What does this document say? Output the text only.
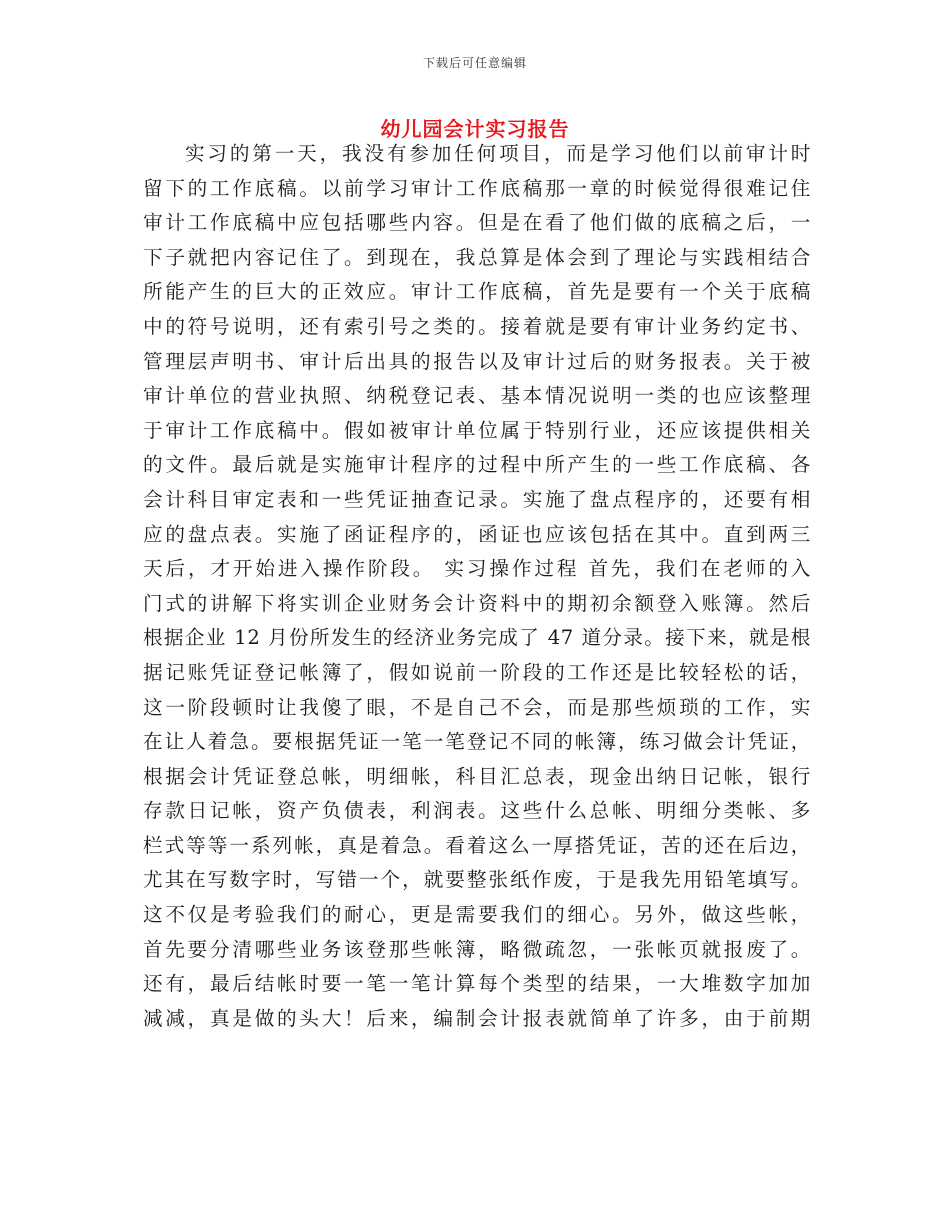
下载后可任意编辑
幼儿园会计实习报告
实习的第一天，我没有参加任何项目，而是学习他们以前审计时
留下的工作底稿。以前学习审计工作底稿那一章的时候觉得很难记住
审计工作底稿中应包括哪些内容。但是在看了他们做的底稿之后，一
下子就把内容记住了。到现在，我总算是体会到了理论与实践相结合
所能产生的巨大的正效应。审计工作底稿，首先是要有一个关于底稿
中的符号说明，还有索引号之类的。接着就是要有审计业务约定书、
管理层声明书、审计后出具的报告以及审计过后的财务报表。关于被
审计单位的营业执照、纳税登记表、基本情况说明一类的也应该整理
于审计工作底稿中。假如被审计单位属于特别行业，还应该提供相关
的文件。最后就是实施审计程序的过程中所产生的一些工作底稿、各
会计科目审定表和一些凭证抽查记录。实施了盘点程序的，还要有相
应的盘点表。实施了函证程序的，函证也应该包括在其中。直到两三
天后，才开始进入操作阶段。 实习操作过程 首先，我们在老师的入
门式的讲解下将实训企业财务会计资料中的期初余额登入账簿。然后
根据企业 12 月份所发生的经济业务完成了 47 道分录。接下来，就是根
据记账凭证登记帐簿了，假如说前一阶段的工作还是比较轻松的话，
这一阶段顿时让我傻了眼，不是自己不会，而是那些烦琐的工作，实
在让人着急。要根据凭证一笔一笔登记不同的帐簿，练习做会计凭证，
根据会计凭证登总帐，明细帐，科目汇总表，现金出纳日记帐，银行
存款日记帐，资产负债表，利润表。这些什么总帐、明细分类帐、多
栏式等等一系列帐，真是着急。看着这么一厚搭凭证，苦的还在后边，
尤其在写数字时，写错一个，就要整张纸作废，于是我先用铅笔填写。
这不仅是考验我们的耐心，更是需要我们的细心。另外，做这些帐，
首先要分清哪些业务该登那些帐簿，略微疏忽，一张帐页就报废了。
还有，最后结帐时要一笔一笔计算每个类型的结果，一大堆数字加加
减减，真是做的头大！后来，编制会计报表就简单了许多，由于前期
